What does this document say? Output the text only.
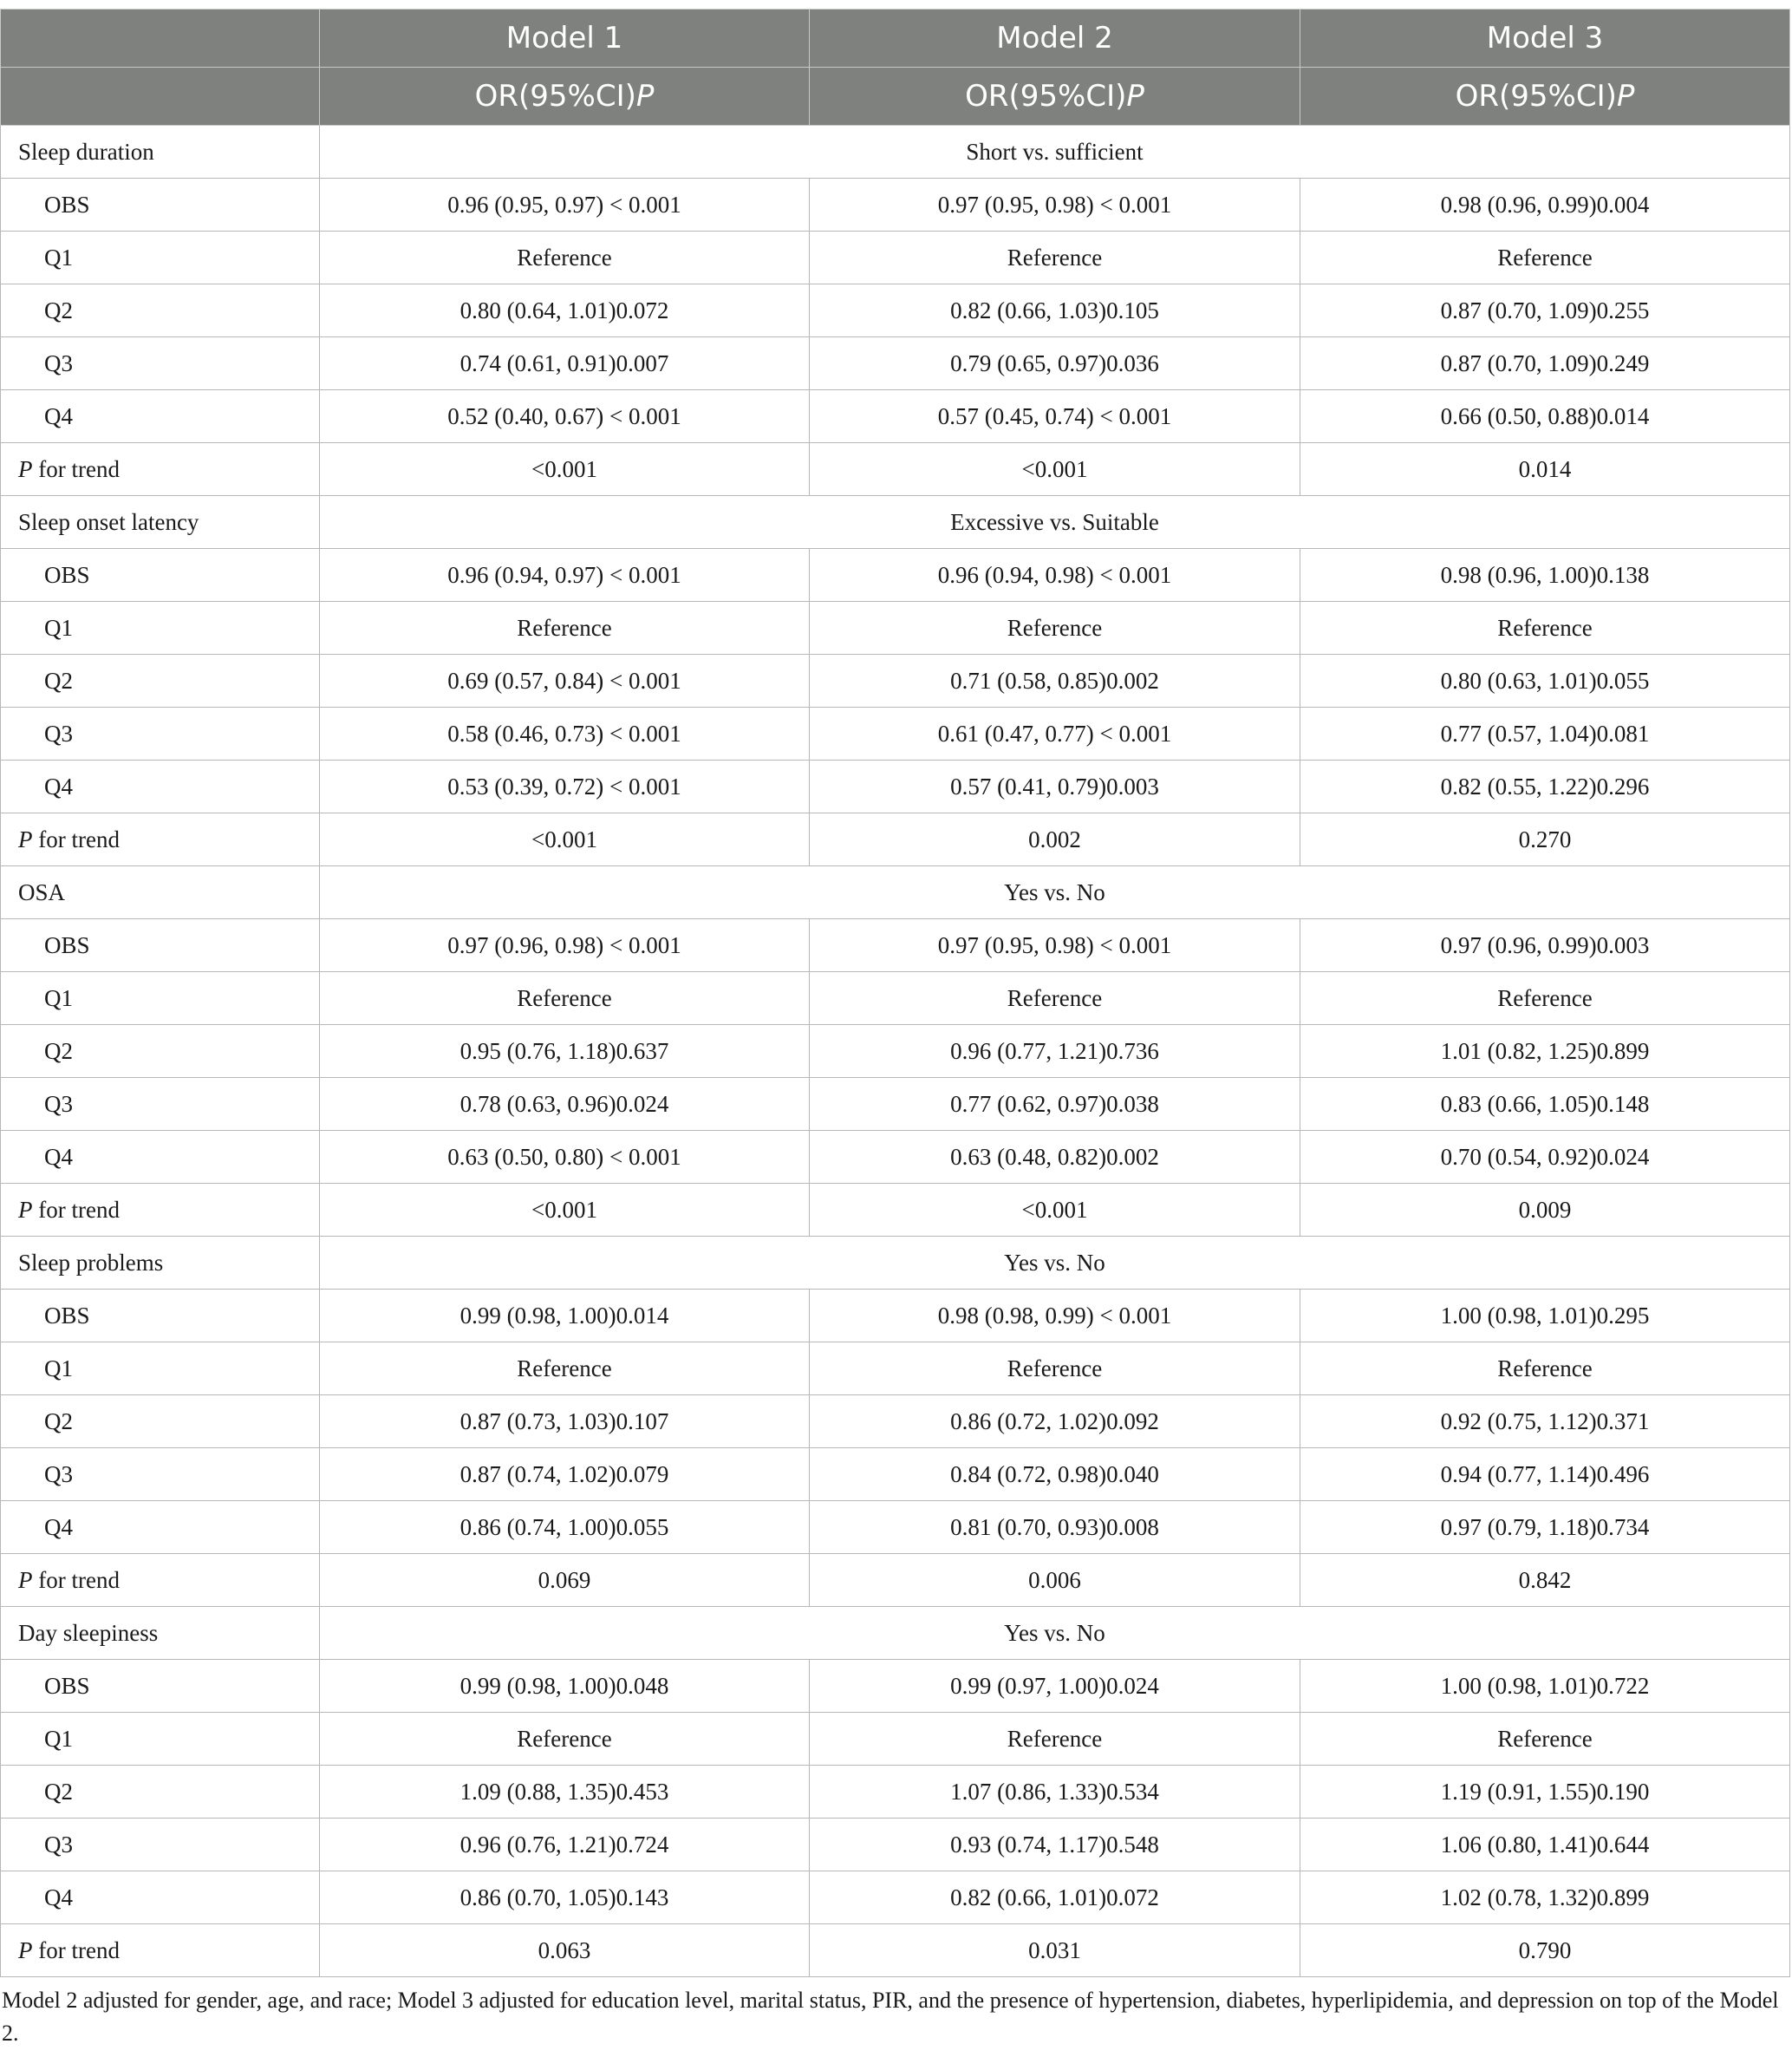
	Model 1	Model 2	Model 3
	OR(95%CI)P	OR(95%CI)P	OR(95%CI)P
Sleep duration	Short vs. sufficient		
OBS	0.96 (0.95, 0.97) < 0.001	0.97 (0.95, 0.98) < 0.001	0.98 (0.96, 0.99)0.004
Q1	Reference	Reference	Reference
Q2	0.80 (0.64, 1.01)0.072	0.82 (0.66, 1.03)0.105	0.87 (0.70, 1.09)0.255
Q3	0.74 (0.61, 0.91)0.007	0.79 (0.65, 0.97)0.036	0.87 (0.70, 1.09)0.249
Q4	0.52 (0.40, 0.67) < 0.001	0.57 (0.45, 0.74) < 0.001	0.66 (0.50, 0.88)0.014
P for trend	<0.001	<0.001	0.014
Sleep onset latency	Excessive vs. Suitable		
OBS	0.96 (0.94, 0.97) < 0.001	0.96 (0.94, 0.98) < 0.001	0.98 (0.96, 1.00)0.138
Q1	Reference	Reference	Reference
Q2	0.69 (0.57, 0.84) < 0.001	0.71 (0.58, 0.85)0.002	0.80 (0.63, 1.01)0.055
Q3	0.58 (0.46, 0.73) < 0.001	0.61 (0.47, 0.77) < 0.001	0.77 (0.57, 1.04)0.081
Q4	0.53 (0.39, 0.72) < 0.001	0.57 (0.41, 0.79)0.003	0.82 (0.55, 1.22)0.296
P for trend	<0.001	0.002	0.270
OSA	Yes vs. No		
OBS	0.97 (0.96, 0.98) < 0.001	0.97 (0.95, 0.98) < 0.001	0.97 (0.96, 0.99)0.003
Q1	Reference	Reference	Reference
Q2	0.95 (0.76, 1.18)0.637	0.96 (0.77, 1.21)0.736	1.01 (0.82, 1.25)0.899
Q3	0.78 (0.63, 0.96)0.024	0.77 (0.62, 0.97)0.038	0.83 (0.66, 1.05)0.148
Q4	0.63 (0.50, 0.80) < 0.001	0.63 (0.48, 0.82)0.002	0.70 (0.54, 0.92)0.024
P for trend	<0.001	<0.001	0.009
Sleep problems	Yes vs. No		
OBS	0.99 (0.98, 1.00)0.014	0.98 (0.98, 0.99) < 0.001	1.00 (0.98, 1.01)0.295
Q1	Reference	Reference	Reference
Q2	0.87 (0.73, 1.03)0.107	0.86 (0.72, 1.02)0.092	0.92 (0.75, 1.12)0.371
Q3	0.87 (0.74, 1.02)0.079	0.84 (0.72, 0.98)0.040	0.94 (0.77, 1.14)0.496
Q4	0.86 (0.74, 1.00)0.055	0.81 (0.70, 0.93)0.008	0.97 (0.79, 1.18)0.734
P for trend	0.069	0.006	0.842
Day sleepiness	Yes vs. No		
OBS	0.99 (0.98, 1.00)0.048	0.99 (0.97, 1.00)0.024	1.00 (0.98, 1.01)0.722
Q1	Reference	Reference	Reference
Q2	1.09 (0.88, 1.35)0.453	1.07 (0.86, 1.33)0.534	1.19 (0.91, 1.55)0.190
Q3	0.96 (0.76, 1.21)0.724	0.93 (0.74, 1.17)0.548	1.06 (0.80, 1.41)0.644
Q4	0.86 (0.70, 1.05)0.143	0.82 (0.66, 1.01)0.072	1.02 (0.78, 1.32)0.899
P for trend	0.063	0.031	0.790
Model 2 adjusted for gender, age, and race; Model 3 adjusted for education level, marital status, PIR, and the presence of hypertension, diabetes, hyperlipidemia, and depression on top of the Model 2.
